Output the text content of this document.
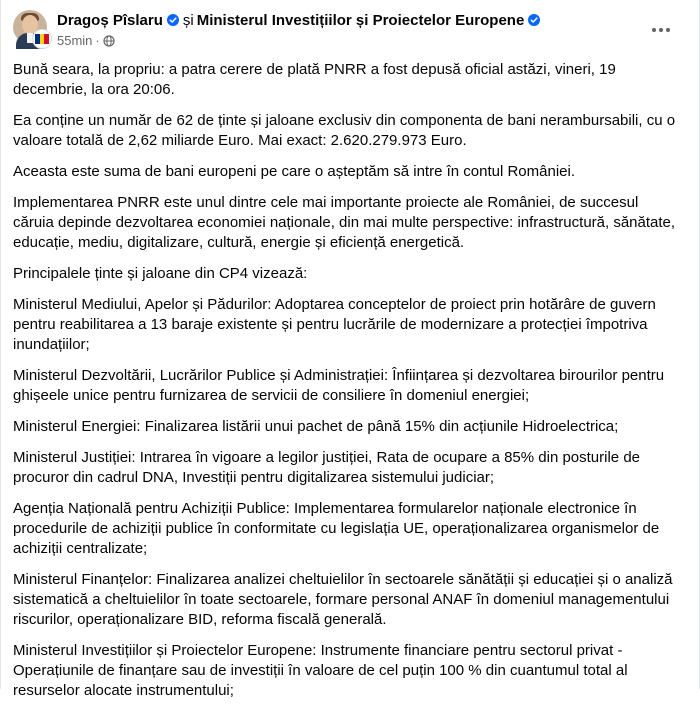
Dragoș Pîslaru și Ministerul Investițiilor și Proiectelor Europene
55min ·

Bună seara, la propriu: a patra cerere de plată PNRR a fost depusă oficial astăzi, vineri, 19 decembrie, la ora 20:06.

Ea conține un număr de 62 de ținte și jaloane exclusiv din componenta de bani nerambursabili, cu o valoare totală de 2,62 miliarde Euro. Mai exact: 2.620.279.973 Euro.

Aceasta este suma de bani europeni pe care o așteptăm să intre în contul României.

Implementarea PNRR este unul dintre cele mai importante proiecte ale României, de succesul căruia depinde dezvoltarea economiei naționale, din mai multe perspective: infrastructură, sănătate, educație, mediu, digitalizare, cultură, energie și eficiență energetică.

Principalele ținte și jaloane din CP4 vizează:

Ministerul Mediului, Apelor și Pădurilor: Adoptarea conceptelor de proiect prin hotărâre de guvern pentru reabilitarea a 13 baraje existente și pentru lucrările de modernizare a protecției împotriva inundațiilor;

Ministerul Dezvoltării, Lucrărilor Publice și Administrației: Înființarea și dezvoltarea birourilor pentru ghișeele unice pentru furnizarea de servicii de consiliere în domeniul energiei;

Ministerul Energiei: Finalizarea listării unui pachet de până 15% din acțiunile Hidroelectrica;

Ministerul Justiției: Intrarea în vigoare a legilor justiției, Rata de ocupare a 85% din posturile de procuror din cadrul DNA, Investiții pentru digitalizarea sistemului judiciar;

Agenția Națională pentru Achiziții Publice: Implementarea formularelor naționale electronice în procedurile de achiziții publice în conformitate cu legislația UE, operaționalizarea organismelor de achiziții centralizate;

Ministerul Finanțelor: Finalizarea analizei cheltuielilor în sectoarele sănătății și educației și o analiză sistematică a cheltuielilor în toate sectoarele, formare personal ANAF în domeniul managementului riscurilor, operaționalizare BID, reforma fiscală generală.

Ministerul Investițiilor și Proiectelor Europene: Instrumente financiare pentru sectorul privat - Operațiunile de finanțare sau de investiții în valoare de cel puțin 100 % din cuantumul total al resurselor alocate instrumentului;
